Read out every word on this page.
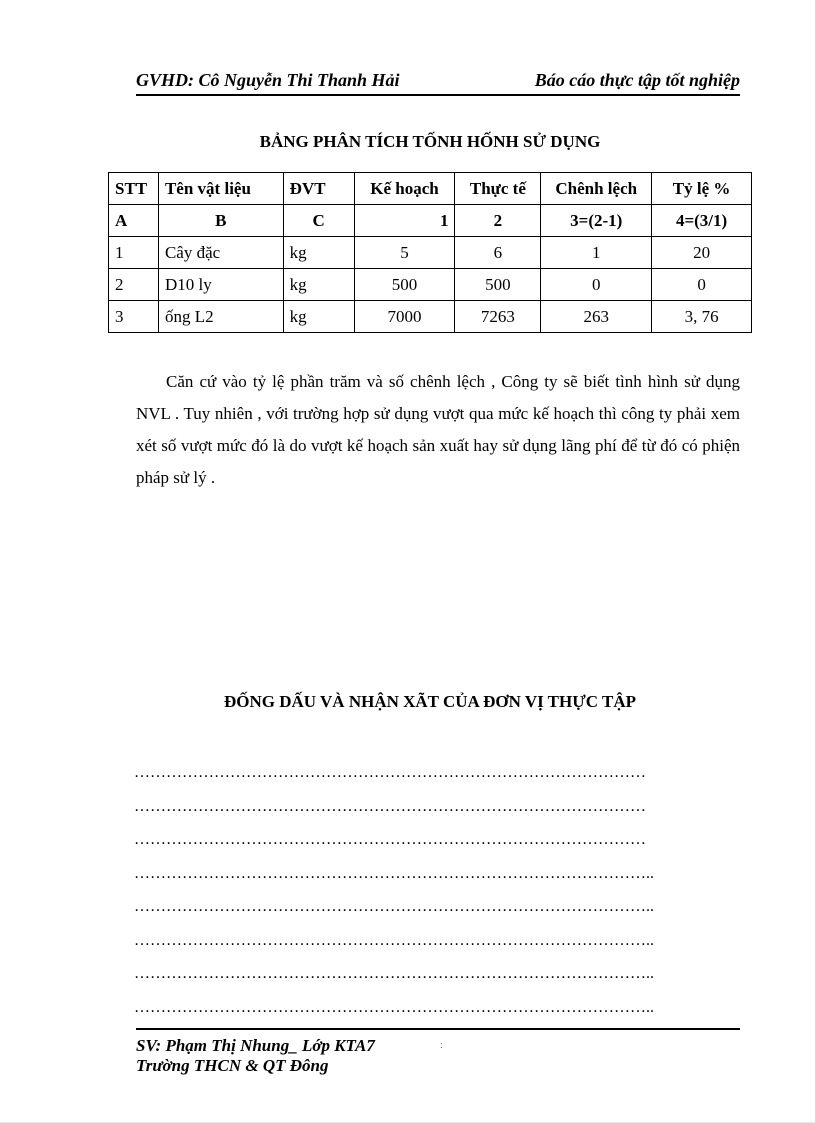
GVHD: Cô Nguyễn Thi Thanh Hải	Báo cáo thực tập tốt nghiệp
BẢNG PHÂN TÍCH TỐNH HỐNH SỬ DỤNG
STT	Tên vật liệu	ĐVT	Kế hoạch	Thực tế	Chênh lệch	Tỷ lệ %
A	B	C	1	2	3=(2-1)	4=(3/1)
1	Cây đặc	kg	5	6	1	20
2	D10 ly	kg	500	500	0	0
3	ống L2	kg	7000	7263	263	3, 76

Căn cứ vào tỷ lệ phần trăm và số chênh lệch , Công ty sẽ biết tình hình sử dụng NVL . Tuy nhiên , với trường hợp sử dụng vượt qua mức kế hoạch thì công ty phải xem xét số vượt mức đó là do vượt kế hoạch sản xuất hay sử dụng lãng phí để từ đó có phiện pháp sử lý .

ĐỐNG DẤU VÀ NHẬN XÃT CỦA ĐƠN VỊ THỰC TẬP
……………………………………………………………………………………
……………………………………………………………………………………
……………………………………………………………………………………
……………………………………………………………………………………..
……………………………………………………………………………………..
……………………………………………………………………………………..
……………………………………………………………………………………..
……………………………………………………………………………………..
SV: Phạm Thị Nhung_ Lớp KTA7
Trường THCN & QT Đông
:
